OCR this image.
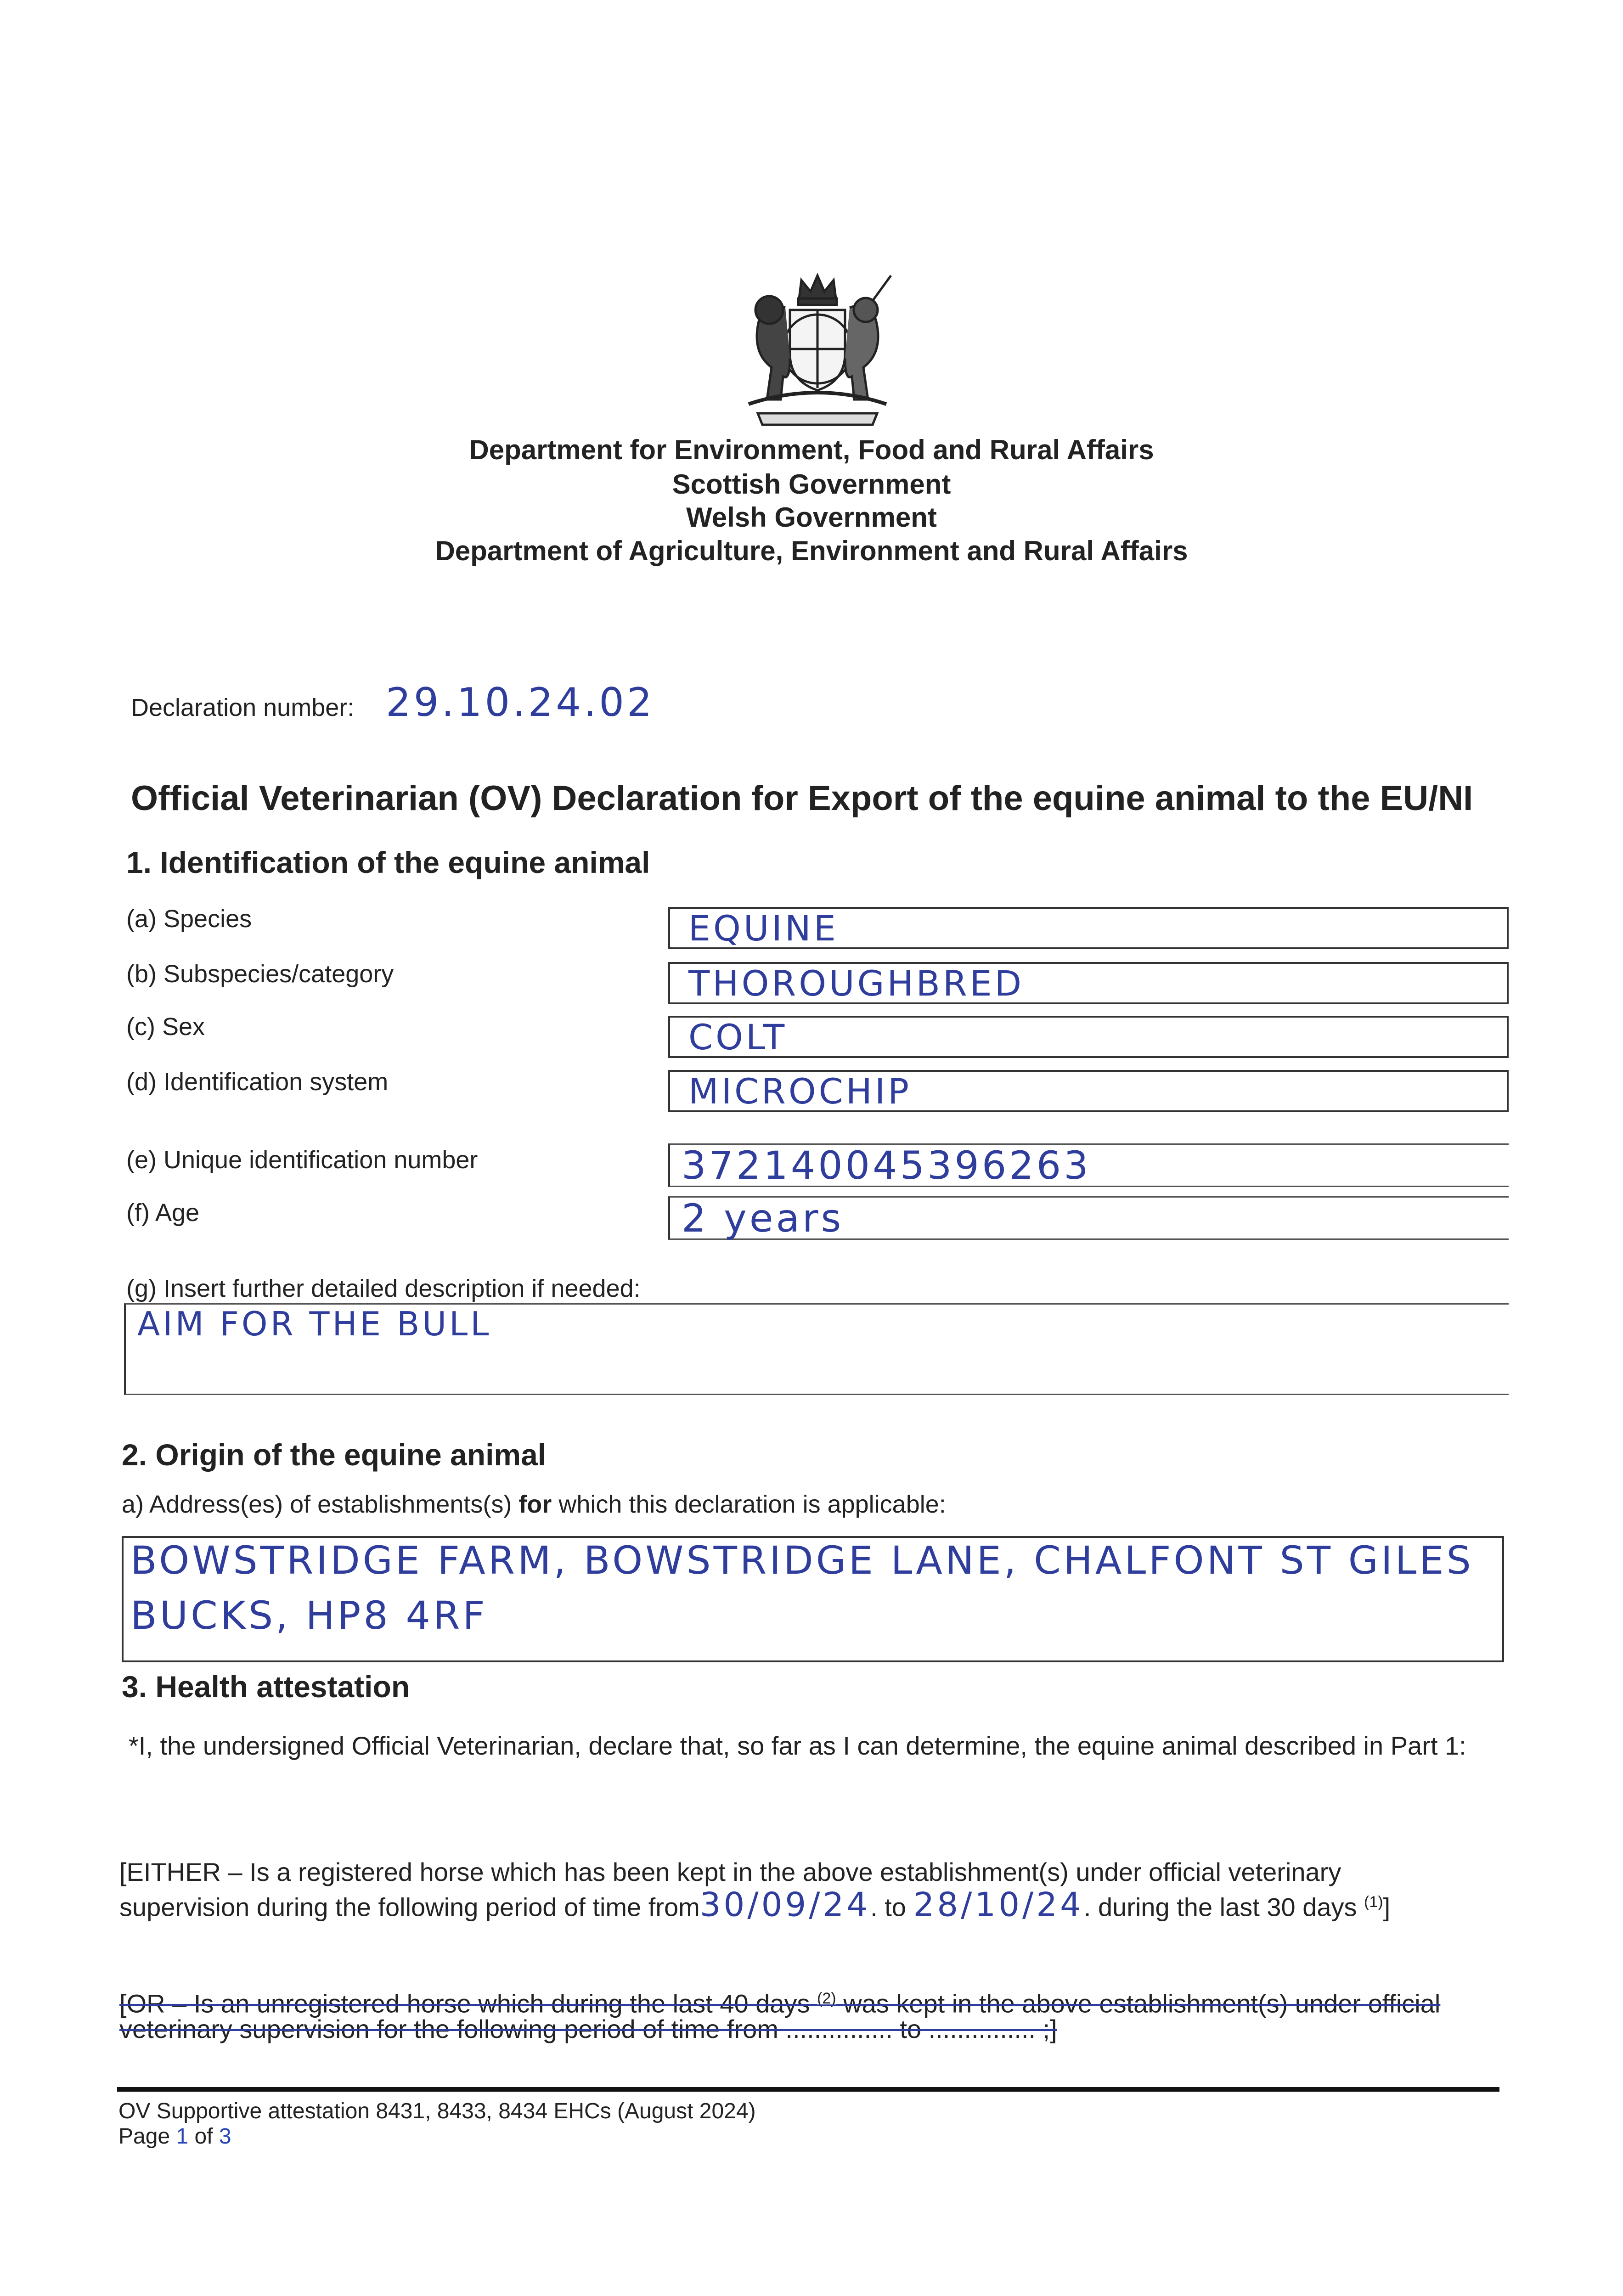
Department for Environment, Food and Rural Affairs
Scottish Government
Welsh Government
Department of Agriculture, Environment and Rural Affairs
Declaration number: 29.10.24.02
Official Veterinarian (OV) Declaration for Export of the equine animal to the EU/NI
1. Identification of the equine animal
(a) Species	EQUINE
(b) Subspecies/category	THOROUGHBRED
(c) Sex	COLT
(d) Identification system	MICROCHIP
(e) Unique identification number	372140045396263
(f) Age	2 years
(g) Insert further detailed description if needed:
AIM FOR THE BULL
2. Origin of the equine animal
a) Address(es) of establishments(s) for which this declaration is applicable:
BOWSTRIDGE FARM, BOWSTRIDGE LANE, CHALFONT ST GILES
BUCKS, HP8 4RF
3. Health attestation
*I, the undersigned Official Veterinarian, declare that, so far as I can determine, the equine animal described in Part 1:
[EITHER – Is a registered horse which has been kept in the above establishment(s) under official veterinary
supervision during the following period of time from30/09/24. to 28/10/24. during the last 30 days $^{(1)}$]
[OR – Is an unregistered horse which during the last 40 days $^{(2)}$ was kept in the above establishment(s) under official
veterinary supervision for the following period of time from ............... to ............... ;]
OV Supportive attestation 8431, 8433, 8434 EHCs (August 2024)
Page 1 of 3
